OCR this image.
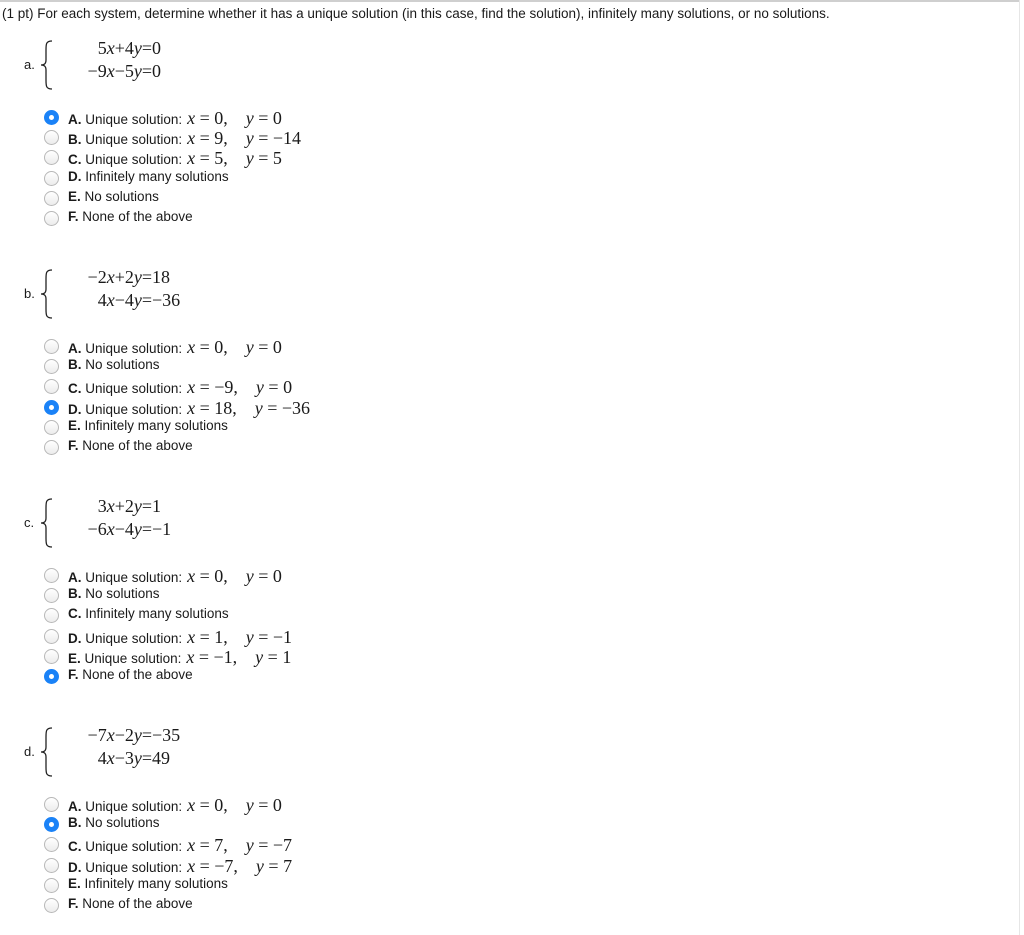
(1 pt) For each system, determine whether it has a unique solution (in this case, find the solution), infinitely many solutions, or no solutions.
a.
5x+4y=0
−9x−5y=0
A. Unique solution: x = 0, y = 0
B. Unique solution: x = 9, y = −14
C. Unique solution: x = 5, y = 5
D. Infinitely many solutions
E. No solutions
F. None of the above
b.
−2x+2y=18
4x−4y=−36
A. Unique solution: x = 0, y = 0
B. No solutions
C. Unique solution: x = −9, y = 0
D. Unique solution: x = 18, y = −36
E. Infinitely many solutions
F. None of the above
c.
3x+2y=1
−6x−4y=−1
A. Unique solution: x = 0, y = 0
B. No solutions
C. Infinitely many solutions
D. Unique solution: x = 1, y = −1
E. Unique solution: x = −1, y = 1
F. None of the above
d.
−7x−2y=−35
4x−3y=49
A. Unique solution: x = 0, y = 0
B. No solutions
C. Unique solution: x = 7, y = −7
D. Unique solution: x = −7, y = 7
E. Infinitely many solutions
F. None of the above
